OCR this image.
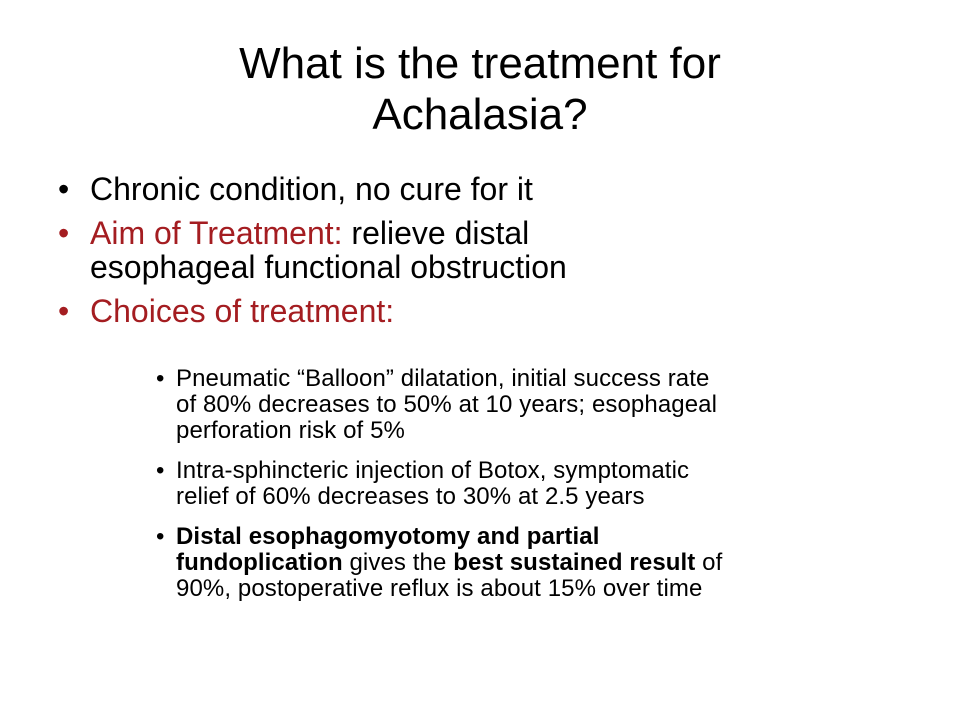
What is the treatment for
Achalasia?
• Chronic condition, no cure for it
• Aim of Treatment: relieve distal
esophageal functional obstruction
• Choices of treatment:
• Pneumatic “Balloon” dilatation, initial success rate
of 80% decreases to 50% at 10 years; esophageal
perforation risk of 5%
• Intra-sphincteric injection of Botox, symptomatic
relief of 60% decreases to 30% at 2.5 years
• Distal esophagomyotomy and partial
fundoplication gives the best sustained result of
90%, postoperative reflux is about 15% over time
